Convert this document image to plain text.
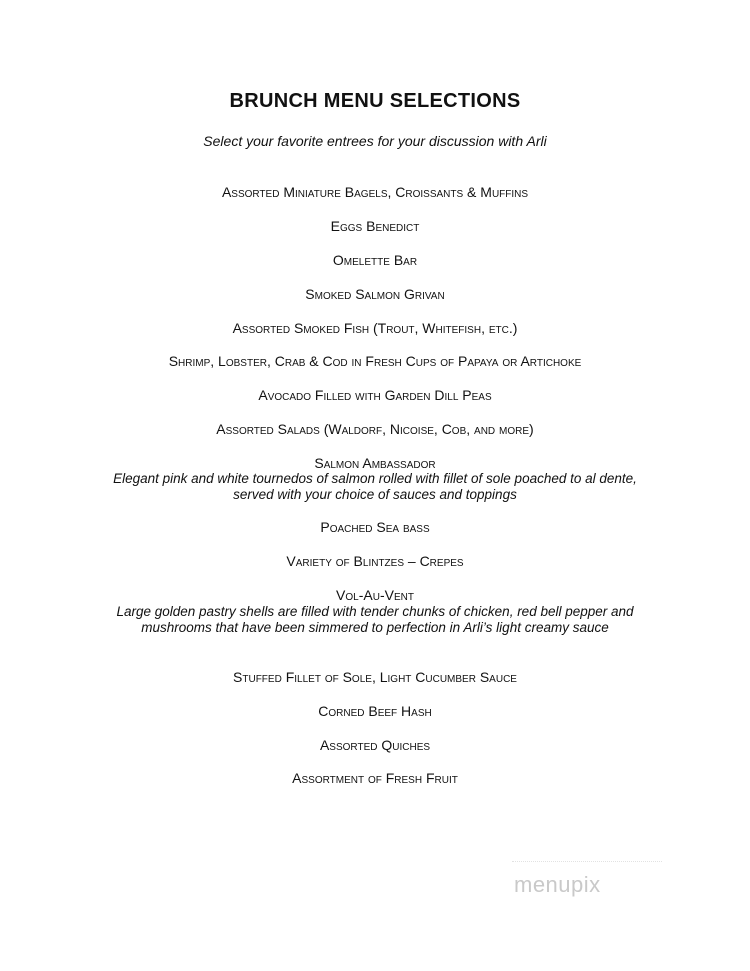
BRUNCH MENU SELECTIONS
Select your favorite entrees for your discussion with Arli
Assorted Miniature Bagels, Croissants & Muffins
Eggs Benedict
Omelette Bar
Smoked Salmon Grivan
Assorted Smoked Fish (Trout, Whitefish, etc.)
Shrimp, Lobster, Crab & Cod in Fresh Cups of Papaya or Artichoke
Avocado Filled with Garden Dill Peas
Assorted Salads (Waldorf, Nicoise, Cob, and more)
Salmon Ambassador
Elegant pink and white tournedos of salmon rolled with fillet of sole poached to al dente,
served with your choice of sauces and toppings
Poached Sea bass
Variety of Blintzes – Crepes
Vol-Au-Vent
Large golden pastry shells are filled with tender chunks of chicken, red bell pepper and
mushrooms that have been simmered to perfection in Arli’s light creamy sauce
Stuffed Fillet of Sole, Light Cucumber Sauce
Corned Beef Hash
Assorted Quiches
Assortment of Fresh Fruit
menupix
